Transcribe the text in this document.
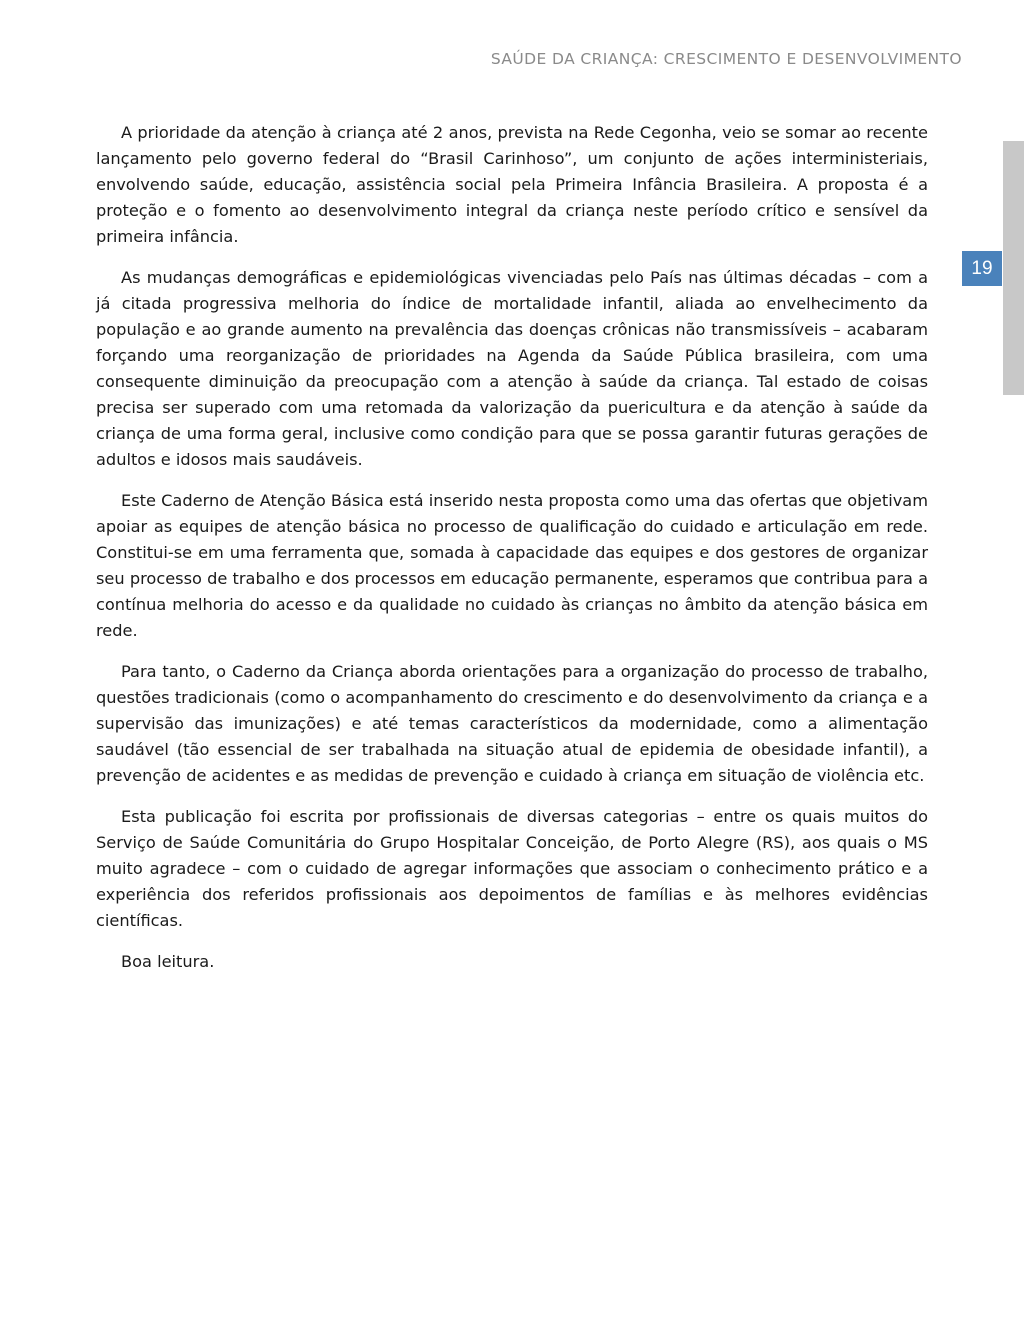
SAÚDE DA CRIANÇA: CRESCIMENTO E DESENVOLVIMENTO
19

A prioridade da atenção à criança até 2 anos, prevista na Rede Cegonha, veio se somar ao recente lançamento pelo governo federal do “Brasil Carinhoso”, um conjunto de ações interministeriais, envolvendo saúde, educação, assistência social pela Primeira Infância Brasileira. A proposta é a proteção e o fomento ao desenvolvimento integral da criança neste período crítico e sensível da primeira infância.

As mudanças demográficas e epidemiológicas vivenciadas pelo País nas últimas décadas – com a já citada progressiva melhoria do índice de mortalidade infantil, aliada ao envelhecimento da população e ao grande aumento na prevalência das doenças crônicas não transmissíveis – acabaram forçando uma reorganização de prioridades na Agenda da Saúde Pública brasileira, com uma consequente diminuição da preocupação com a atenção à saúde da criança. Tal estado de coisas precisa ser superado com uma retomada da valorização da puericultura e da atenção à saúde da criança de uma forma geral, inclusive como condição para que se possa garantir futuras gerações de adultos e idosos mais saudáveis.

Este Caderno de Atenção Básica está inserido nesta proposta como uma das ofertas que objetivam apoiar as equipes de atenção básica no processo de qualificação do cuidado e articulação em rede. Constitui-se em uma ferramenta que, somada à capacidade das equipes e dos gestores de organizar seu processo de trabalho e dos processos em educação permanente, esperamos que contribua para a contínua melhoria do acesso e da qualidade no cuidado às crianças no âmbito da atenção básica em rede.

Para tanto, o Caderno da Criança aborda orientações para a organização do processo de trabalho, questões tradicionais (como o acompanhamento do crescimento e do desenvolvimento da criança e a supervisão das imunizações) e até temas característicos da modernidade, como a alimentação saudável (tão essencial de ser trabalhada na situação atual de epidemia de obesidade infantil), a prevenção de acidentes e as medidas de prevenção e cuidado à criança em situação de violência etc.

Esta publicação foi escrita por profissionais de diversas categorias – entre os quais muitos do Serviço de Saúde Comunitária do Grupo Hospitalar Conceição, de Porto Alegre (RS), aos quais o MS muito agradece – com o cuidado de agregar informações que associam o conhecimento prático e a experiência dos referidos profissionais aos depoimentos de famílias e às melhores evidências científicas.

Boa leitura.
